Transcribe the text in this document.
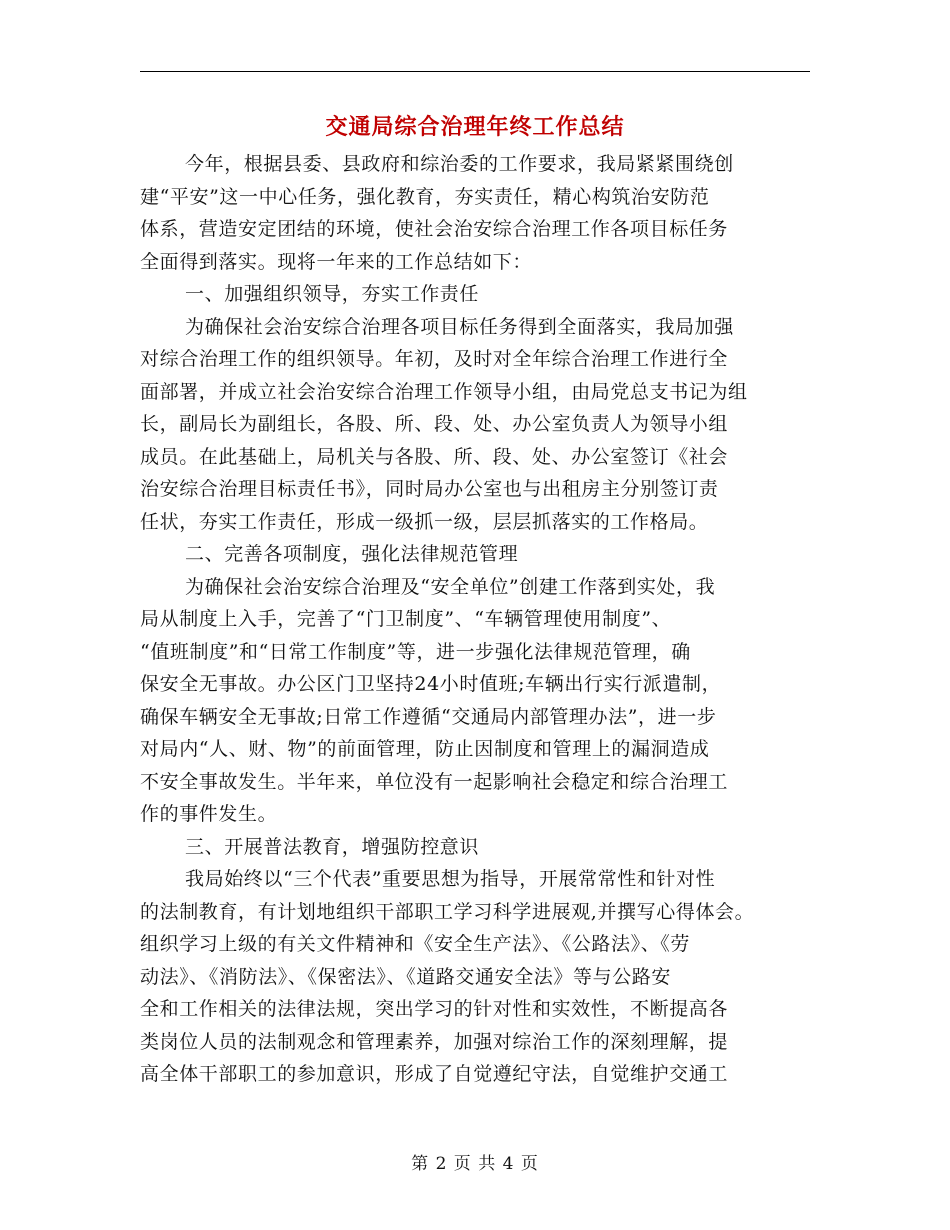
交通局综合治理年终工作总结
今年，根据县委、县政府和综治委的工作要求，我局紧紧围绕创
建“平安”这一中心任务，强化教育，夯实责任，精心构筑治安防范
体系，营造安定团结的环境，使社会治安综合治理工作各项目标任务
全面得到落实。现将一年来的工作总结如下：
一、加强组织领导，夯实工作责任
为确保社会治安综合治理各项目标任务得到全面落实，我局加强
对综合治理工作的组织领导。年初，及时对全年综合治理工作进行全
面部署，并成立社会治安综合治理工作领导小组，由局党总支书记为组
长，副局长为副组长，各股、所、段、处、办公室负责人为领导小组
成员。在此基础上，局机关与各股、所、段、处、办公室签订《社会
治安综合治理目标责任书》，同时局办公室也与出租房主分别签订责
任状，夯实工作责任，形成一级抓一级，层层抓落实的工作格局。
二、完善各项制度，强化法律规范管理
为确保社会治安综合治理及“安全单位”创建工作落到实处，我
局从制度上入手，完善了“门卫制度”、“车辆管理使用制度”、
“值班制度”和“日常工作制度”等，进一步强化法律规范管理，确
保安全无事故。办公区门卫坚持24小时值班;车辆出行实行派遣制，
确保车辆安全无事故;日常工作遵循“交通局内部管理办法”，进一步
对局内“人、财、物”的前面管理，防止因制度和管理上的漏洞造成
不安全事故发生。半年来，单位没有一起影响社会稳定和综合治理工
作的事件发生。
三、开展普法教育，增强防控意识
我局始终以“三个代表”重要思想为指导，开展常常性和针对性
的法制教育，有计划地组织干部职工学习科学进展观,并撰写心得体会。
组织学习上级的有关文件精神和《安全生产法》、《公路法》、《劳
动法》、《消防法》、《保密法》、《道路交通安全法》等与公路安
全和工作相关的法律法规，突出学习的针对性和实效性，不断提高各
类岗位人员的法制观念和管理素养，加强对综治工作的深刻理解，提
高全体干部职工的参加意识，形成了自觉遵纪守法，自觉维护交通工
第 2 页 共 4 页
